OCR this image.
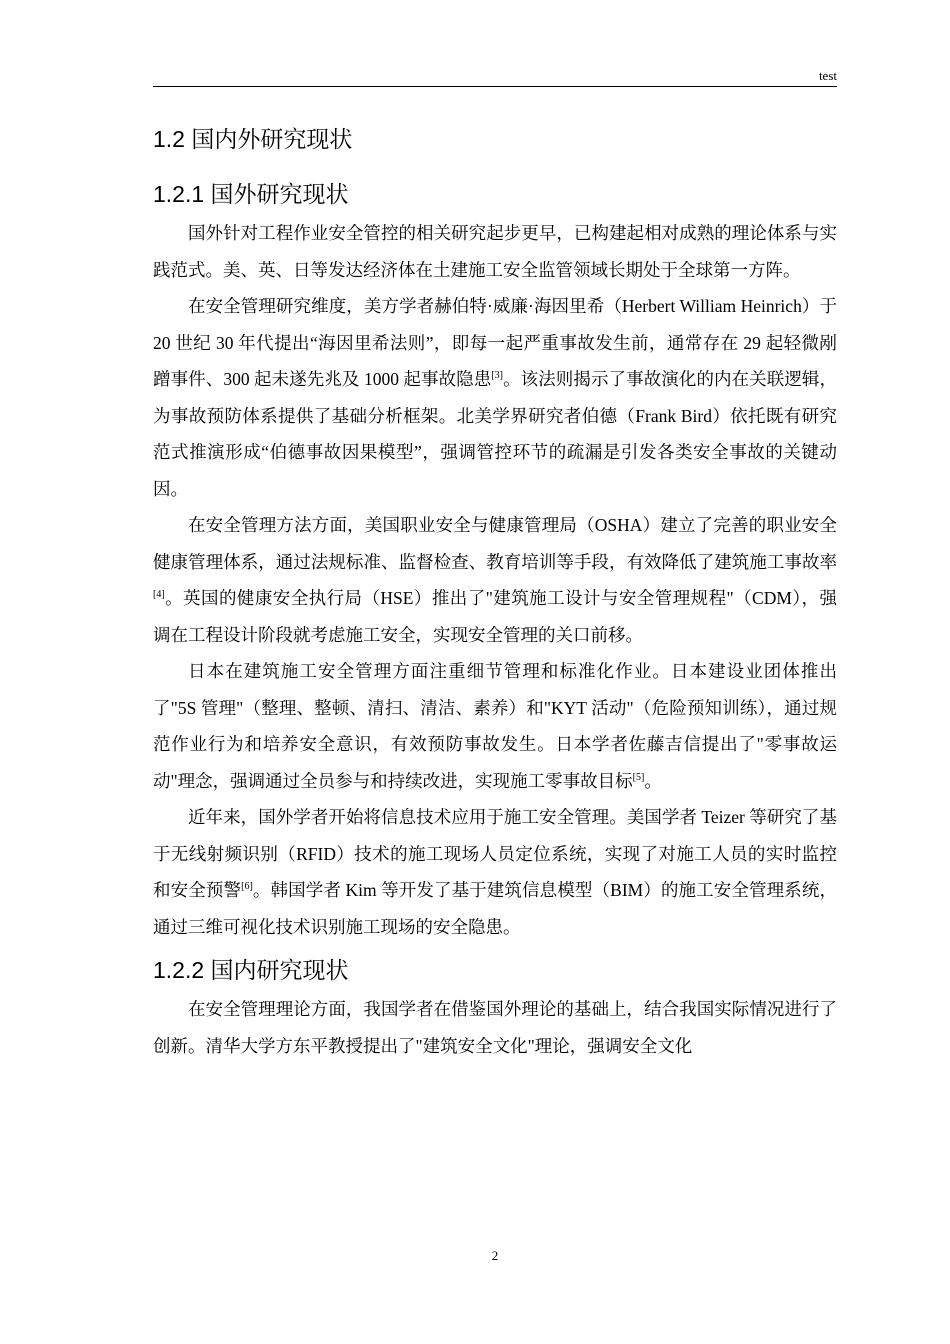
test
1.2 国内外研究现状
1.2.1 国外研究现状

国外针对工程作业安全管控的相关研究起步更早，已构建起相对成熟的理论体系与实践范式。美、英、日等发达经济体在土建施工安全监管领域长期处于全球第一方阵。

在安全管理研究维度，美方学者赫伯特·威廉·海因里希（Herbert William Heinrich）于 20 世纪 30 年代提出“海因里希法则”，即每一起严重事故发生前，通常存在 29 起轻微剐蹭事件、300 起未遂先兆及 1000 起事故隐患[3]。该法则揭示了事故演化的内在关联逻辑，为事故预防体系提供了基础分析框架。北美学界研究者伯德（Frank Bird）依托既有研究范式推演形成“伯德事故因果模型”，强调管控环节的疏漏是引发各类安全事故的关键动因。

在安全管理方法方面，美国职业安全与健康管理局（OSHA）建立了完善的职业安全健康管理体系，通过法规标准、监督检查、教育培训等手段，有效降低了建筑施工事故率[4]。英国的健康安全执行局（HSE）推出了"建筑施工设计与安全管理规程"（CDM），强调在工程设计阶段就考虑施工安全，实现安全管理的关口前移。

日本在建筑施工安全管理方面注重细节管理和标准化作业。日本建设业团体推出了"5S 管理"（整理、整顿、清扫、清洁、素养）和"KYT 活动"（危险预知训练），通过规范作业行为和培养安全意识，有效预防事故发生。日本学者佐藤吉信提出了"零事故运动"理念，强调通过全员参与和持续改进，实现施工零事故目标[5]。

近年来，国外学者开始将信息技术应用于施工安全管理。美国学者 Teizer 等研究了基于无线射频识别（RFID）技术的施工现场人员定位系统，实现了对施工人员的实时监控和安全预警[6]。韩国学者 Kim 等开发了基于建筑信息模型（BIM）的施工安全管理系统，通过三维可视化技术识别施工现场的安全隐患。

1.2.2 国内研究现状

在安全管理理论方面，我国学者在借鉴国外理论的基础上，结合我国实际情况进行了创新。清华大学方东平教授提出了"建筑安全文化"理论，强调安全文化

2
